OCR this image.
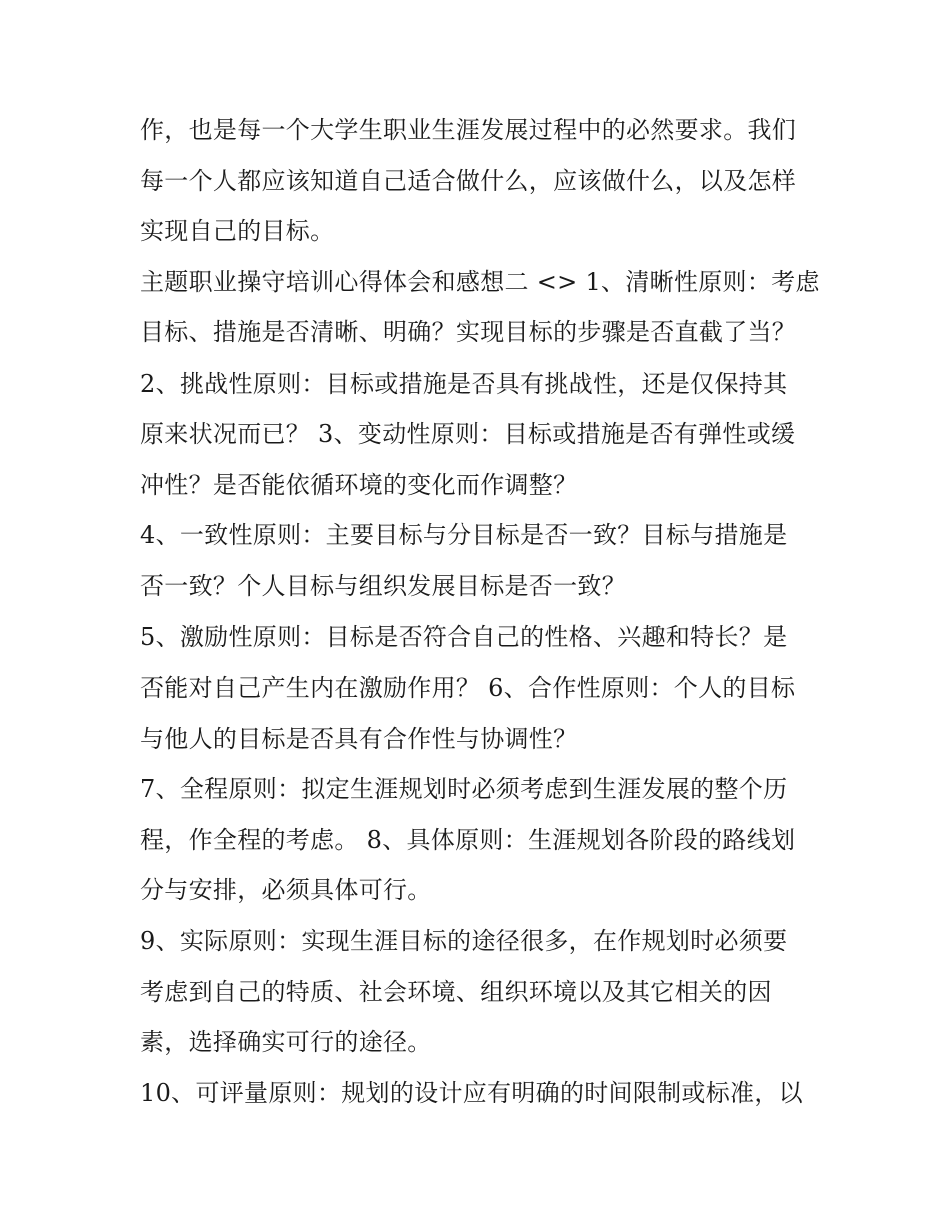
作，也是每一个大学生职业生涯发展过程中的必然要求。我们
每一个人都应该知道自己适合做什么，应该做什么，以及怎样
实现自己的目标。
主题职业操守培训心得体会和感想二 <> 1、清晰性原则：考虑
目标、措施是否清晰、明确？实现目标的步骤是否直截了当？
2、挑战性原则：目标或措施是否具有挑战性，还是仅保持其
原来状况而已？ 3、变动性原则：目标或措施是否有弹性或缓
冲性？是否能依循环境的变化而作调整？
4、一致性原则：主要目标与分目标是否一致？目标与措施是
否一致？个人目标与组织发展目标是否一致？
5、激励性原则：目标是否符合自己的性格、兴趣和特长？是
否能对自己产生内在激励作用？ 6、合作性原则：个人的目标
与他人的目标是否具有合作性与协调性？
7、全程原则：拟定生涯规划时必须考虑到生涯发展的整个历
程，作全程的考虑。 8、具体原则：生涯规划各阶段的路线划
分与安排，必须具体可行。
9、实际原则：实现生涯目标的途径很多，在作规划时必须要
考虑到自己的特质、社会环境、组织环境以及其它相关的因
素，选择确实可行的途径。
10、可评量原则：规划的设计应有明确的时间限制或标准，以
